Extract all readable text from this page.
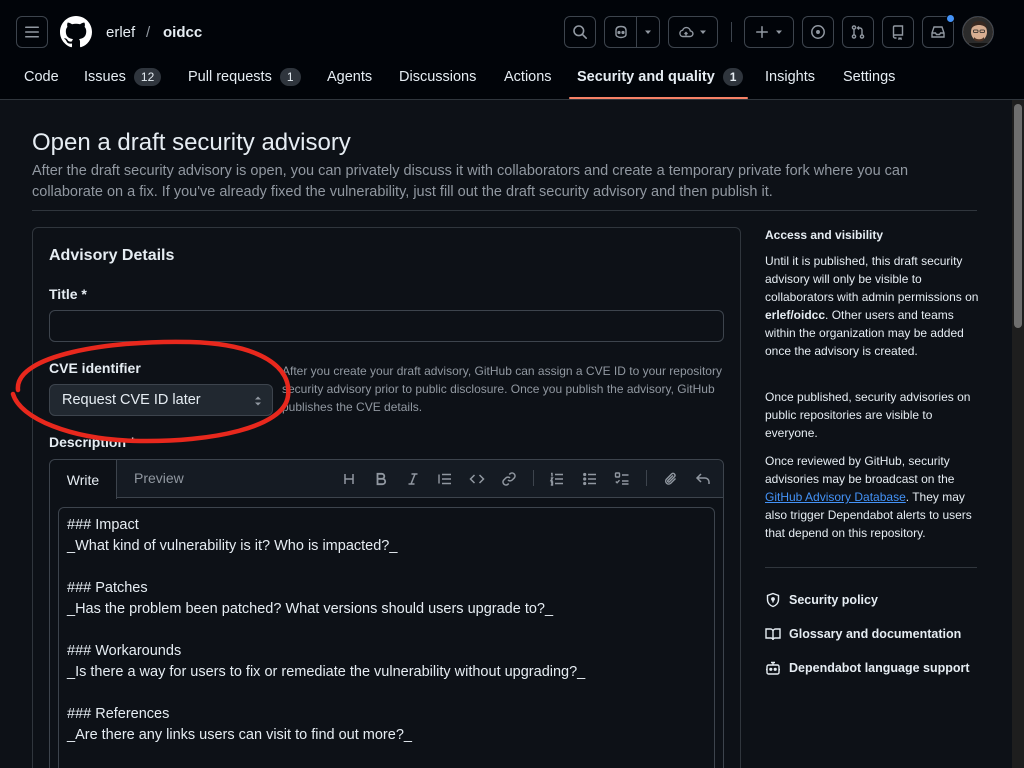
erlef / oidcc
Code Issues	12	Pull requests	1	Agents Discussions Actions Security and quality	1	Insights Settings
Open a draft security advisory

After the draft security advisory is open, you can privately discuss it with collaborators and create a temporary private fork where you can collaborate on a fix. If you've already fixed the vulnerability, just fill out the draft security advisory and then publish it.

Advisory Details
Title *
CVE identifier
Request CVE ID later

After you create your draft advisory, GitHub can assign a CVE ID to your repository security advisory prior to public disclosure. Once you publish the advisory, GitHub publishes the CVE details.

Description *
Write Preview
### Impact
_What kind of vulnerability is it? Who is impacted?_
### Patches
_Has the problem been patched? What versions should users upgrade to?_
### Workarounds
_Is there a way for users to fix or remediate the vulnerability without upgrading?_
### References
_Are there any links users can visit to find out more?_
Access and visibility

Until it is published, this draft security advisory will only be visible to collaborators with admin permissions on erlef/oidcc. Other users and teams within the organization may be added once the advisory is created.

Once published, security advisories on public repositories are visible to everyone.

Once reviewed by GitHub, security advisories may be broadcast on the GitHub Advisory Database. They may also trigger Dependabot alerts to users that depend on this repository.

Security policy
Glossary and documentation
Dependabot language support
